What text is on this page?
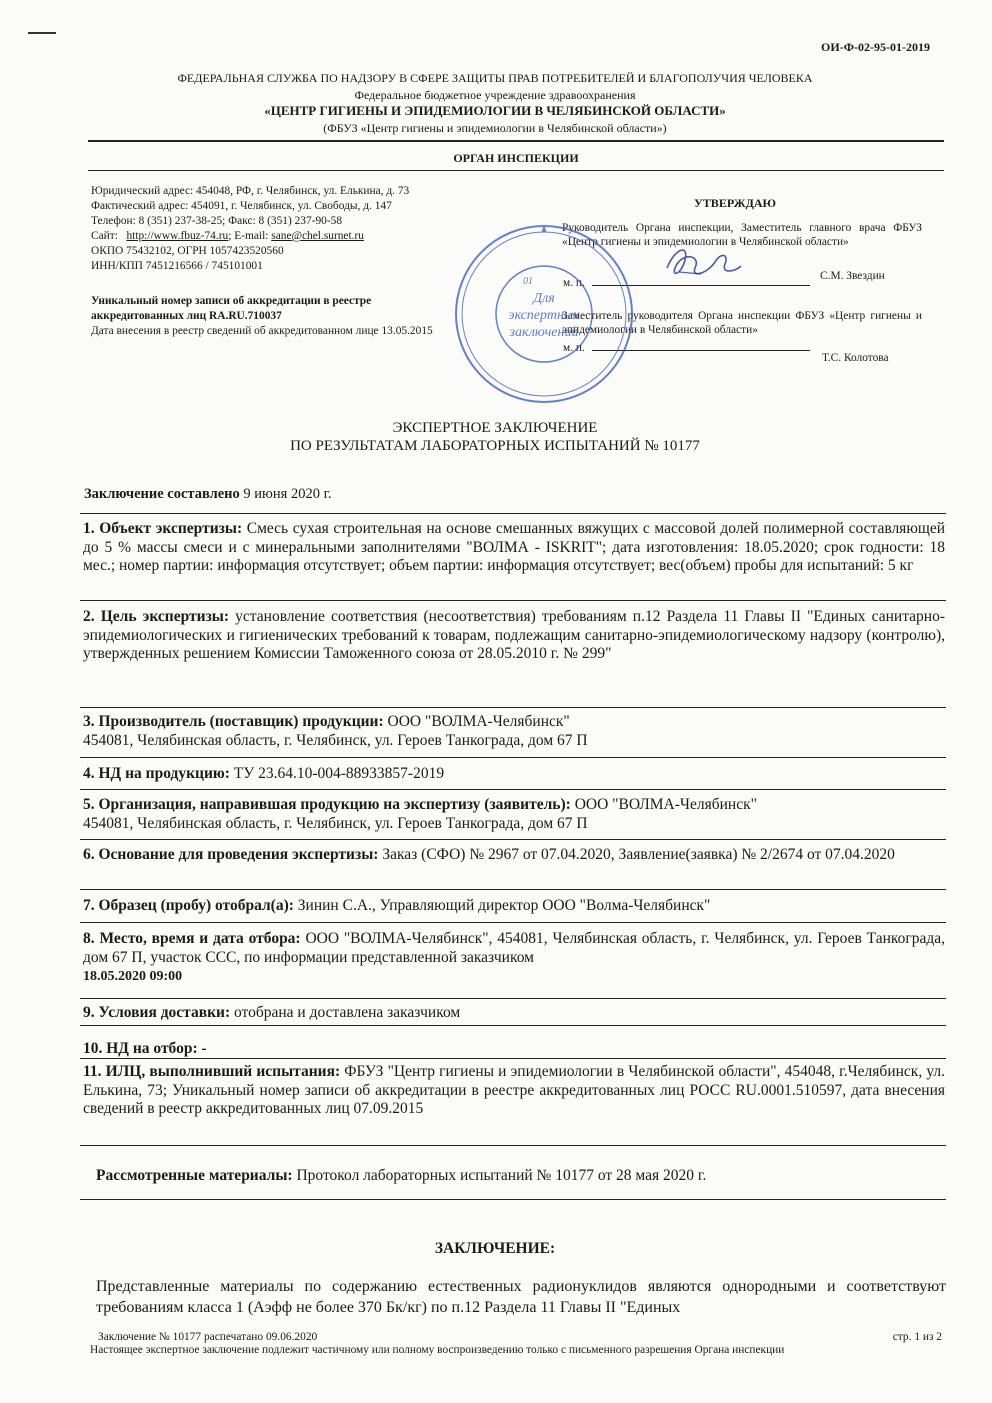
ОИ-Ф-02-95-01-2019
ФЕДЕРАЛЬНАЯ СЛУЖБА ПО НАДЗОРУ В СФЕРЕ ЗАЩИТЫ ПРАВ ПОТРЕБИТЕЛЕЙ И БЛАГОПОЛУЧИЯ ЧЕЛОВЕКА
Федеральное бюджетное учреждение здравоохранения
«ЦЕНТР ГИГИЕНЫ И ЭПИДЕМИОЛОГИИ В ЧЕЛЯБИНСКОЙ ОБЛАСТИ»
(ФБУЗ «Центр гигиены и эпидемиологии в Челябинской области»)
ОРГАН ИНСПЕКЦИИ
Юридический адрес: 454048, РФ, г. Челябинск, ул. Елькина, д. 73
Фактический адрес: 454091, г. Челябинск, ул. Свободы, д. 147
Телефон: 8 (351) 237-38-25; Факс: 8 (351) 237-90-58
Сайт: http://www.fbuz-74.ru; E-mail: sane@chel.surnet.ru
ОКПО 75432102, ОГРН 1057423520560
ИНН/КПП 7451216566 / 745101001
Уникальный номер записи об аккредитации в реестре
аккредитованных лиц RA.RU.710037
Дата внесения в реестр сведений об аккредитованном лице 13.05.2015
УТВЕРЖДАЮ
Руководитель Органа инспекции, Заместитель главного врача ФБУЗ «Центр гигиены и эпидемиологии в Челябинской области»
м. п.
С.М. Звездин
Заместитель руководителя Органа инспекции ФБУЗ «Центр гигиены и эпидемиологии в Челябинской области»
м. п.
Т.С. Колотова
Для
экспертных
заключений
01
ЭКСПЕРТНОЕ ЗАКЛЮЧЕНИЕ
ПО РЕЗУЛЬТАТАМ ЛАБОРАТОРНЫХ ИСПЫТАНИЙ № 10177
Заключение составлено 9 июня 2020 г.
1. Объект экспертизы: Смесь сухая строительная на основе смешанных вяжущих с массовой долей полимерной составляющей до 5 % массы смеси и с минеральными заполнителями "ВОЛМА - ISKRIT"; дата изготовления: 18.05.2020; срок годности: 18 мес.; номер партии: информация отсутствует; объем партии: информация отсутствует; вес(объем) пробы для испытаний: 5 кг
2. Цель экспертизы: установление соответствия (несоответствия) требованиям п.12 Раздела 11 Главы II "Единых санитарно-эпидемиологических и гигиенических требований к товарам, подлежащим санитарно-эпидемиологическому надзору (контролю), утвержденных решением Комиссии Таможенного союза от 28.05.2010 г. № 299"
3. Производитель (поставщик) продукции: ООО "ВОЛМА-Челябинск"
454081, Челябинская область, г. Челябинск, ул. Героев Танкограда, дом 67 П
4. НД на продукцию: ТУ 23.64.10-004-88933857-2019
5. Организация, направившая продукцию на экспертизу (заявитель): ООО "ВОЛМА-Челябинск"
454081, Челябинская область, г. Челябинск, ул. Героев Танкограда, дом 67 П
6. Основание для проведения экспертизы: Заказ (СФО) № 2967 от 07.04.2020, Заявление(заявка) № 2/2674 от 07.04.2020
7. Образец (пробу) отобрал(а): Зинин С.А., Управляющий директор ООО "Волма-Челябинск"
8. Место, время и дата отбора: ООО "ВОЛМА-Челябинск", 454081, Челябинская область, г. Челябинск, ул. Героев Танкограда, дом 67 П, участок ССС, по информации представленной заказчиком
18.05.2020 09:00
9. Условия доставки: отобрана и доставлена заказчиком
10. НД на отбор: -
11. ИЛЦ, выполнивший испытания: ФБУЗ "Центр гигиены и эпидемиологии в Челябинской области", 454048, г.Челябинск, ул. Елькина, 73; Уникальный номер записи об аккредитации в реестре аккредитованных лиц РОСС RU.0001.510597, дата внесения сведений в реестр аккредитованных лиц 07.09.2015
Рассмотренные материалы: Протокол лабораторных испытаний № 10177 от 28 мая 2020 г.
ЗАКЛЮЧЕНИЕ:
Представленные материалы по содержанию естественных радионуклидов являются однородными и соответствуют требованиям класса 1 (Аэфф не более 370 Бк/кг) по п.12 Раздела 11 Главы II "Единых
Заключение № 10177 распечатано 09.06.2020	стр. 1 из 2
Настоящее экспертное заключение подлежит частичному или полному воспроизведению только с письменного разрешения Органа инспекции
